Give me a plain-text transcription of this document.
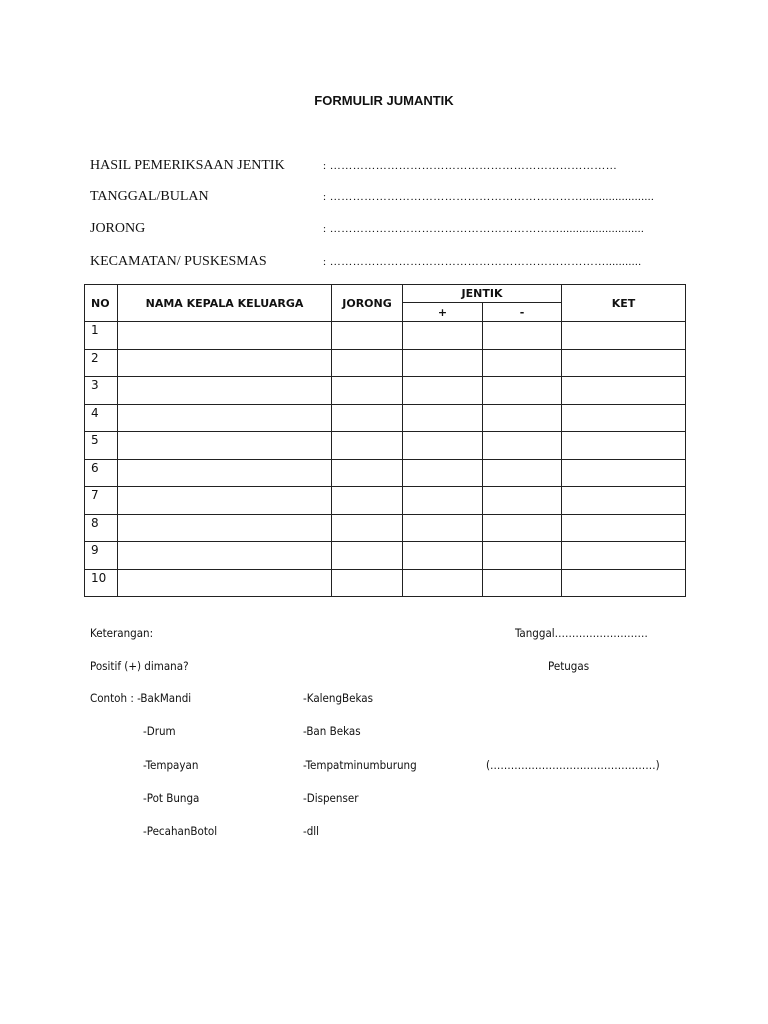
FORMULIR JUMANTIK
HASIL PEMERIKSAAN JENTIK	: …………………………………………………………………
TANGGAL/BULAN	: …………………………………………………………......................
JORONG	: ……………………………………………………..........................
KECAMATAN/ PUSKESMAS	: ………………………………………………………………...........
NO	NAMA KEPALA KELUARGA	JORONG	JENTIK		KET
			+	-	
1					
2					
3					
4					
5					
6					
7					
8					
9					
10					
Keterangan:	Tanggal………………………
Positif (+) dimana?	Petugas
Contoh : -BakMandi
-Drum
-Tempayan
-Pot Bunga
-PecahanBotol
-KalengBekas
-Ban Bekas
-Tempatminumburung
-Dispenser
-dll
(…………………………………………)
